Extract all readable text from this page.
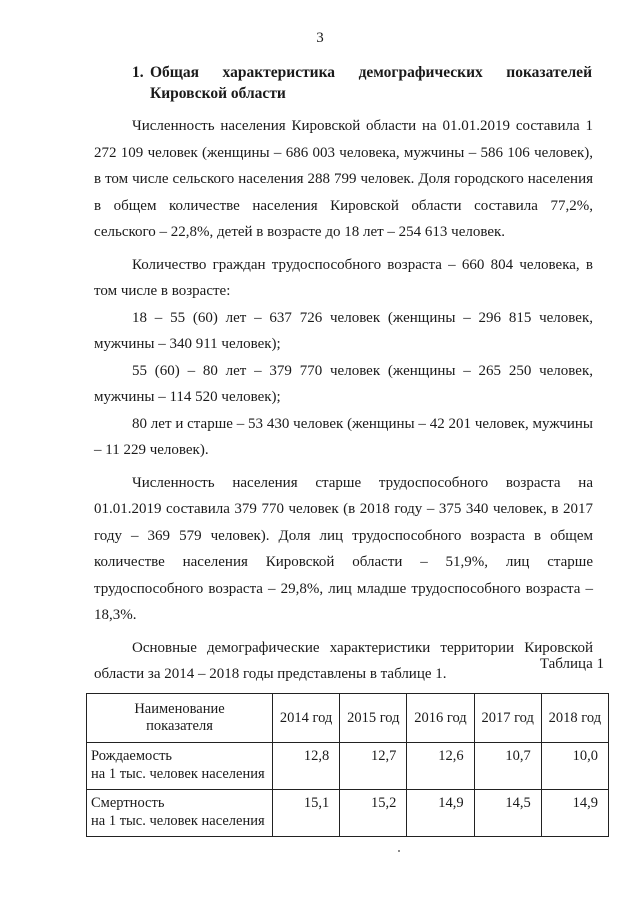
3
1. Общая характеристика демографических показателей
Кировской области

Численность населения Кировской области на 01.01.2019 составила 1 272 109 человек (женщины – 686 003 человека, мужчины – 586 106 человек), в том числе сельского населения 288 799 человек. Доля городского населения в общем количестве населения Кировской области составила 77,2%, сельского – 22,8%, детей в возрасте до 18 лет – 254 613 человек.

Количество граждан трудоспособного возраста – 660 804 человека, в том числе в возрасте:

18 – 55 (60) лет – 637 726 человек (женщины – 296 815 человек, мужчины – 340 911 человек);

55 (60) – 80 лет – 379 770 человек (женщины – 265 250 человек, мужчины – 114 520 человек);

80 лет и старше – 53 430 человек (женщины – 42 201 человек, мужчины – 11 229 человек).

Численность населения старше трудоспособного возраста на 01.01.2019 составила 379 770 человек (в 2018 году – 375 340 человек, в 2017 году – 369 579 человек). Доля лиц трудоспособного возраста в общем количестве населения Кировской области – 51,9%, лиц старше трудоспособного возраста – 29,8%, лиц младше трудоспособного возраста – 18,3%.

Основные демографические характеристики территории Кировской области за 2014 – 2018 годы представлены в таблице 1.

Таблица 1
Наименование
показателя	2014 год	2015 год	2016 год	2017 год	2018 год
Рождаемость
на 1 тыс. человек населения	12,8	12,7	12,6	10,7	10,0
Смертность
на 1 тыс. человек населения	15,1	15,2	14,9	14,5	14,9
